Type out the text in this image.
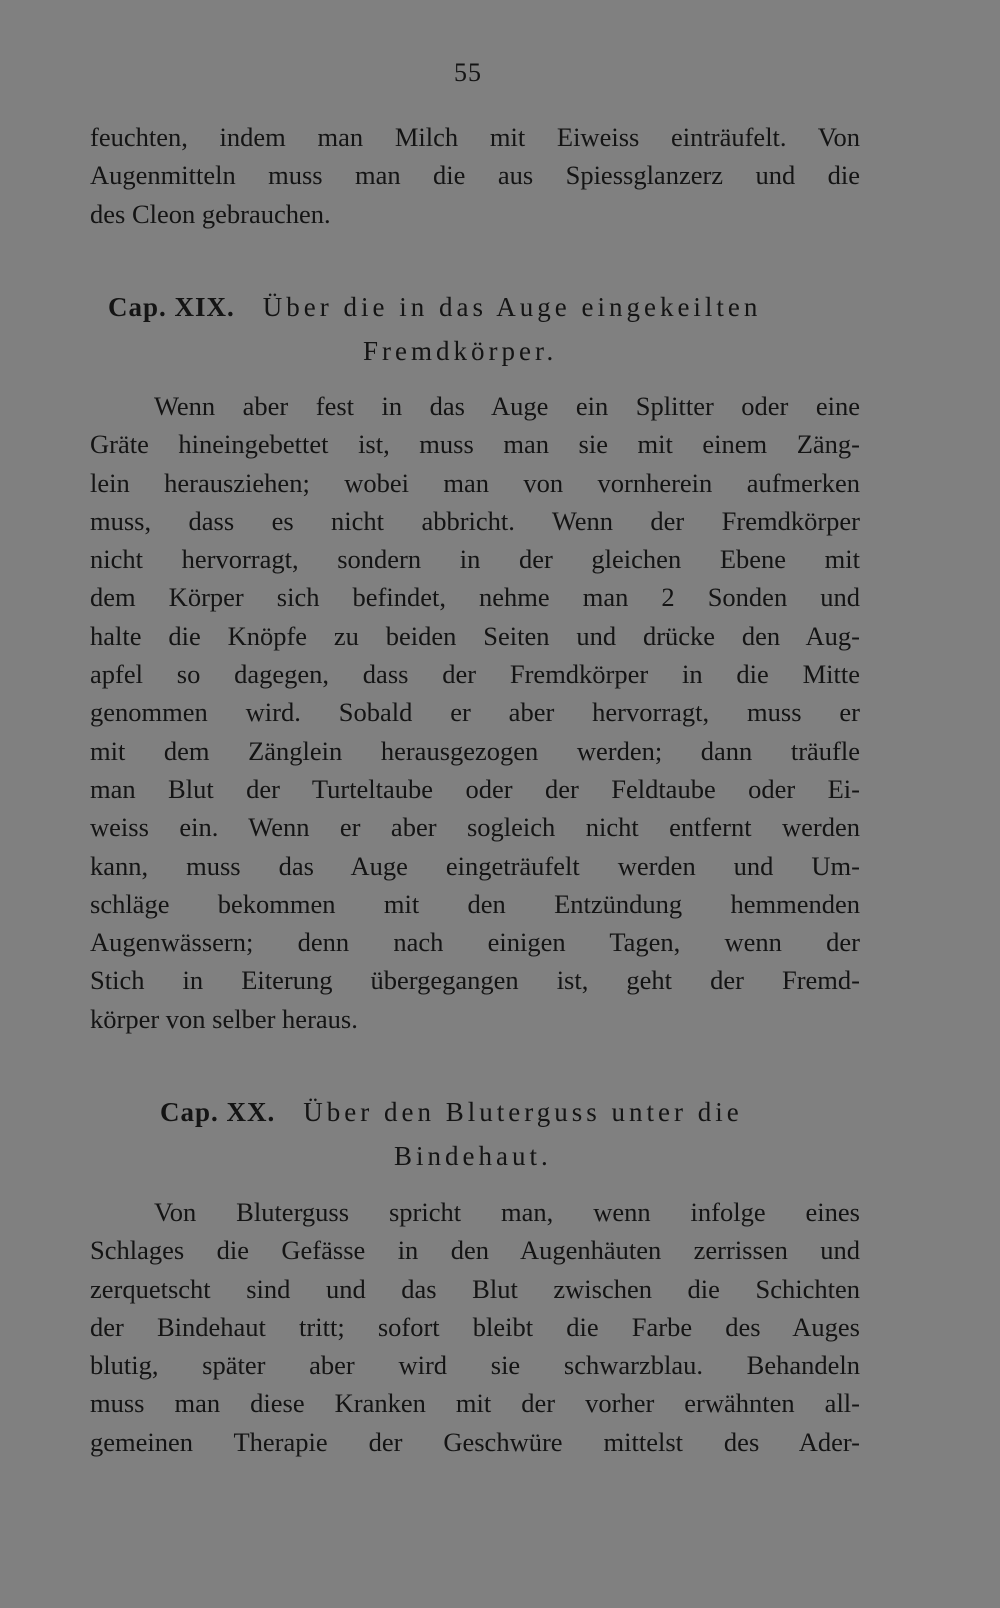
55
feuchten, indem man Milch mit Eiweiss einträufelt. Von
Augenmitteln muss man die aus Spiessglanzerz und die
des Cleon gebrauchen.
Cap. XIX. Über die in das Auge eingekeilten
Fremdkörper.
Wenn aber fest in das Auge ein Splitter oder eine
Gräte hineingebettet ist, muss man sie mit einem Zäng-
lein herausziehen; wobei man von vornherein aufmerken
muss, dass es nicht abbricht. Wenn der Fremdkörper
nicht hervorragt, sondern in der gleichen Ebene mit
dem Körper sich befindet, nehme man 2 Sonden und
halte die Knöpfe zu beiden Seiten und drücke den Aug-
apfel so dagegen, dass der Fremdkörper in die Mitte
genommen wird. Sobald er aber hervorragt, muss er
mit dem Zänglein herausgezogen werden; dann träufle
man Blut der Turteltaube oder der Feldtaube oder Ei-
weiss ein. Wenn er aber sogleich nicht entfernt werden
kann, muss das Auge eingeträufelt werden und Um-
schläge bekommen mit den Entzündung hemmenden
Augenwässern; denn nach einigen Tagen, wenn der
Stich in Eiterung übergegangen ist, geht der Fremd-
körper von selber heraus.
Cap. XX. Über den Bluterguss unter die
Bindehaut.
Von Bluterguss spricht man, wenn infolge eines
Schlages die Gefässe in den Augenhäuten zerrissen und
zerquetscht sind und das Blut zwischen die Schichten
der Bindehaut tritt; sofort bleibt die Farbe des Auges
blutig, später aber wird sie schwarzblau. Behandeln
muss man diese Kranken mit der vorher erwähnten all-
gemeinen Therapie der Geschwüre mittelst des Ader-
